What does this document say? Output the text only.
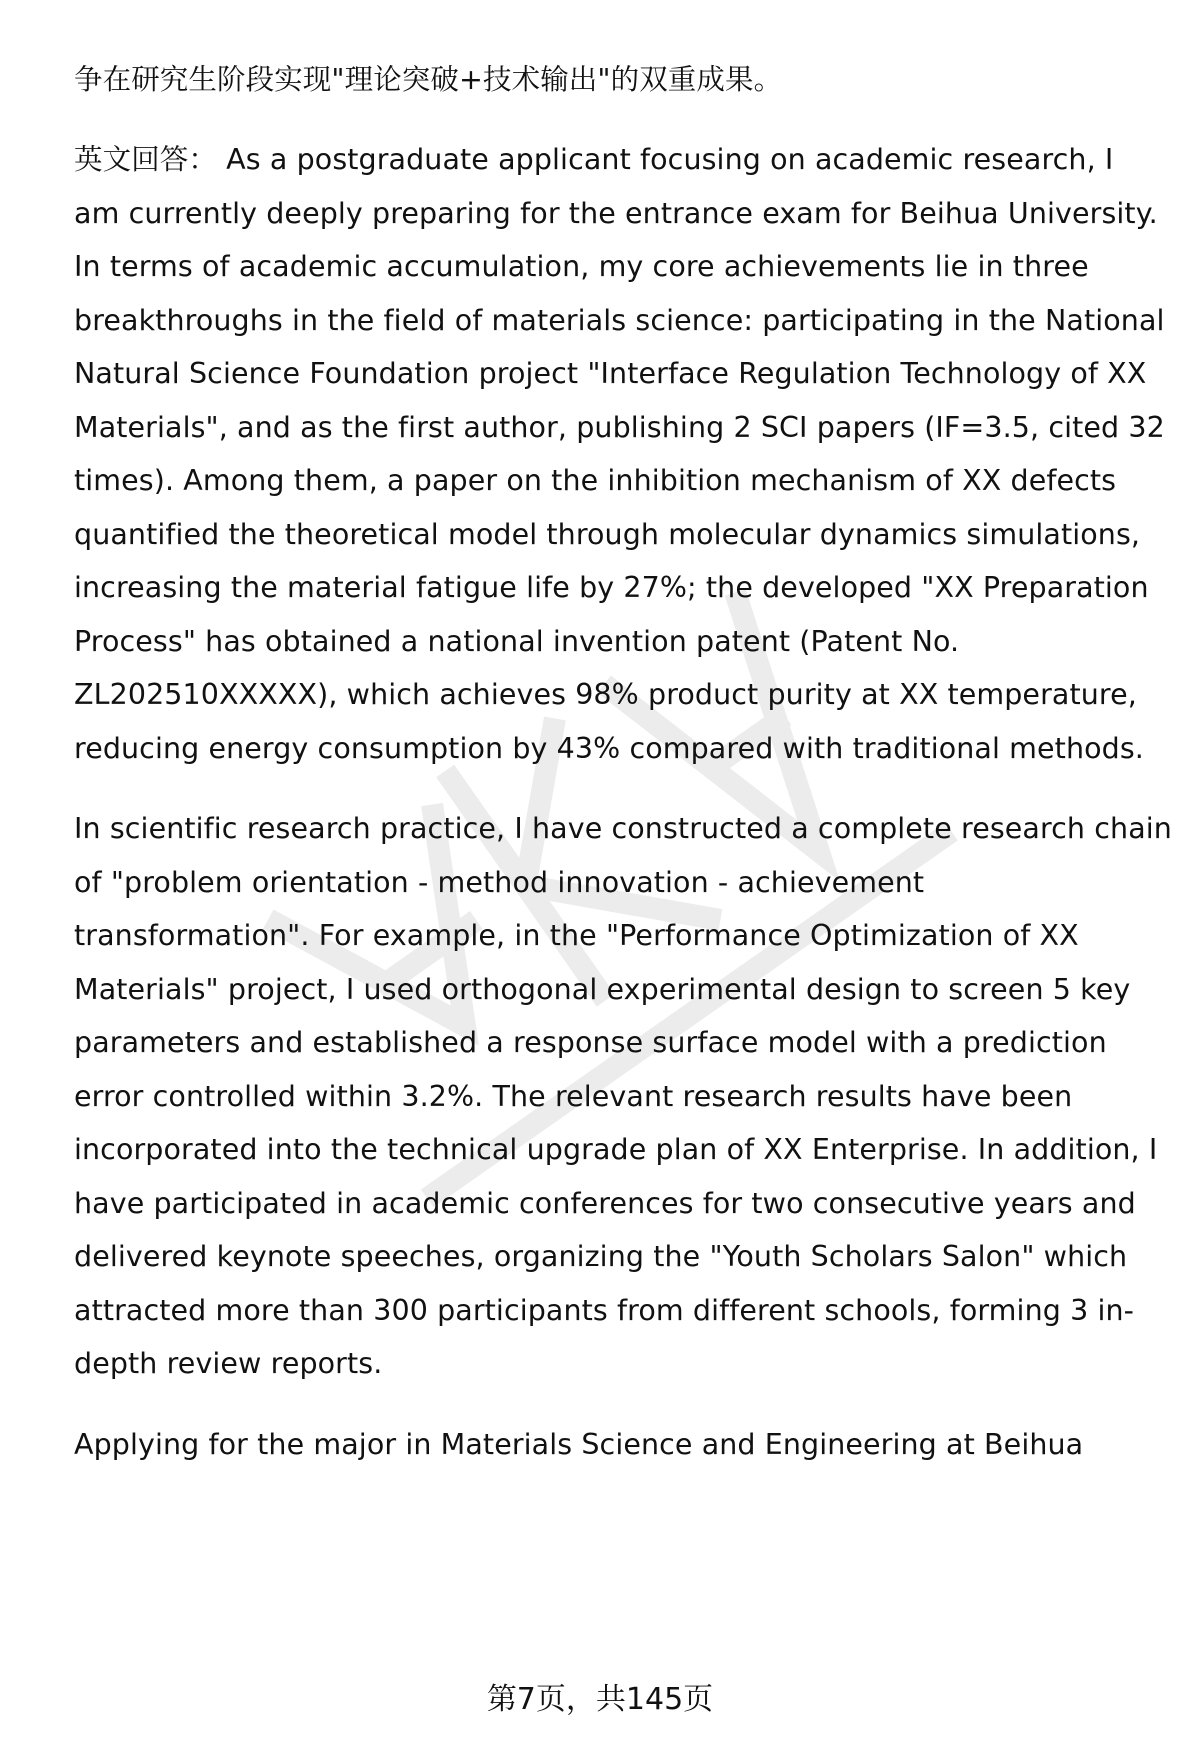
争在研究生阶段实现"理论突破+技术输出"的双重成果。
英文回答： As a postgraduate applicant focusing on academic research, I
am currently deeply preparing for the entrance exam for Beihua University.
In terms of academic accumulation, my core achievements lie in three
breakthroughs in the field of materials science: participating in the National
Natural Science Foundation project "Interface Regulation Technology of XX
Materials", and as the first author, publishing 2 SCI papers (IF=3.5, cited 32
times). Among them, a paper on the inhibition mechanism of XX defects
quantified the theoretical model through molecular dynamics simulations,
increasing the material fatigue life by 27%; the developed "XX Preparation
Process" has obtained a national invention patent (Patent No.
ZL202510XXXXX), which achieves 98% product purity at XX temperature,
reducing energy consumption by 43% compared with traditional methods.
In scientific research practice, I have constructed a complete research chain
of "problem orientation - method innovation - achievement
transformation". For example, in the "Performance Optimization of XX
Materials" project, I used orthogonal experimental design to screen 5 key
parameters and established a response surface model with a prediction
error controlled within 3.2%. The relevant research results have been
incorporated into the technical upgrade plan of XX Enterprise. In addition, I
have participated in academic conferences for two consecutive years and
delivered keynote speeches, organizing the "Youth Scholars Salon" which
attracted more than 300 participants from different schools, forming 3 in-
depth review reports.
Applying for the major in Materials Science and Engineering at Beihua
第7页，共145页
